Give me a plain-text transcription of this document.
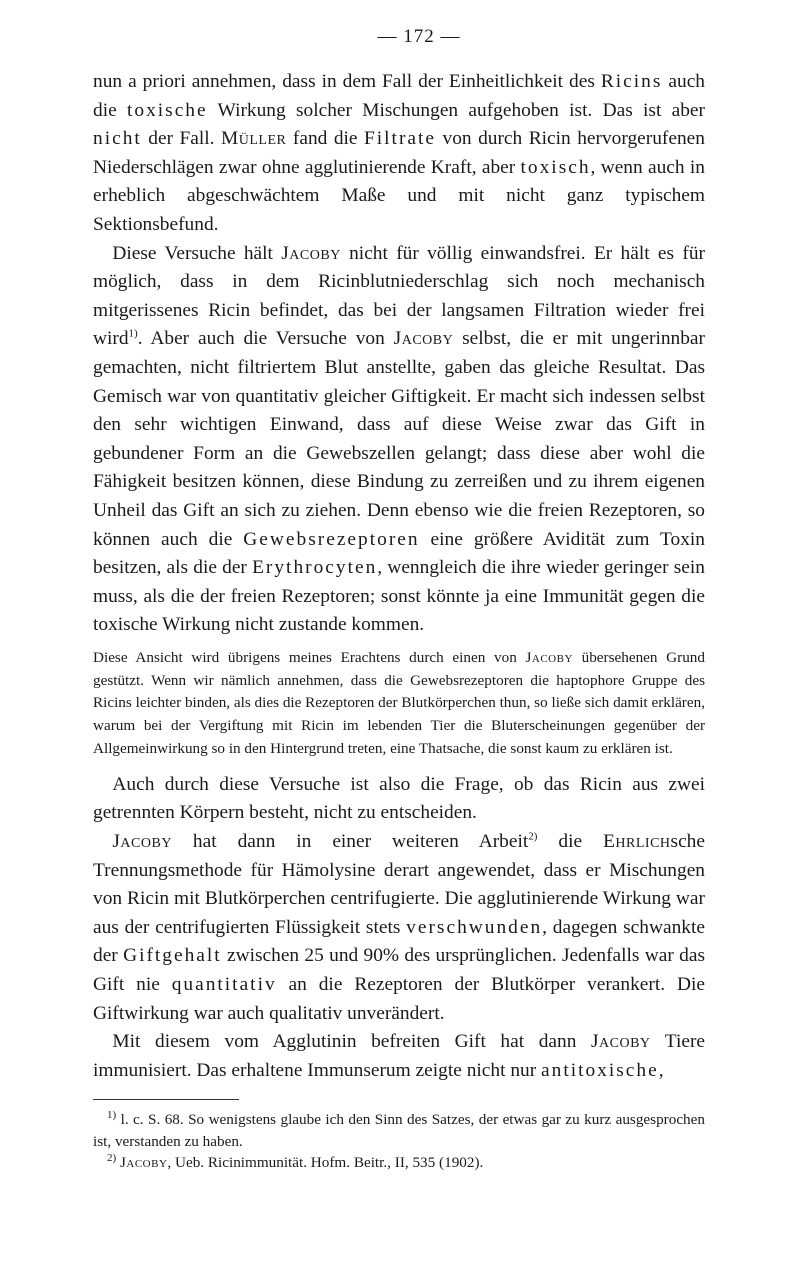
— 172 —

nun a priori annehmen, dass in dem Fall der Einheitlichkeit des Ricins auch die toxische Wirkung solcher Mischungen aufgehoben ist. Das ist aber nicht der Fall. Müller fand die Filtrate von durch Ricin hervorgerufenen Niederschlägen zwar ohne agglutinierende Kraft, aber toxisch, wenn auch in erheblich abgeschwächtem Maße und mit nicht ganz typischem Sektionsbefund.

 Diese Versuche hält Jacoby nicht für völlig einwandsfrei. Er hält es für möglich, dass in dem Ricinblutniederschlag sich noch mechanisch mitgerissenes Ricin befindet, das bei der langsamen Filtration wieder frei wird$^{1)}$. Aber auch die Versuche von Jacoby selbst, die er mit ungerinnbar gemachten, nicht filtriertem Blut anstellte, gaben das gleiche Resultat. Das Gemisch war von quantitativ gleicher Giftigkeit. Er macht sich indessen selbst den sehr wichtigen Einwand, dass auf diese Weise zwar das Gift in gebundener Form an die Gewebszellen gelangt; dass diese aber wohl die Fähigkeit besitzen können, diese Bindung zu zerreißen und zu ihrem eigenen Unheil das Gift an sich zu ziehen. Denn ebenso wie die freien Rezeptoren, so können auch die Gewebsrezeptoren eine größere Avidität zum Toxin besitzen, als die der Erythrocyten, wenngleich die ihre wieder geringer sein muss, als die der freien Rezeptoren; sonst könnte ja eine Immunität gegen die toxische Wirkung nicht zustande kommen.

Diese Ansicht wird übrigens meines Erachtens durch einen von Jacoby übersehenen Grund gestützt. Wenn wir nämlich annehmen, dass die Gewebsrezeptoren die haptophore Gruppe des Ricins leichter binden, als dies die Rezeptoren der Blutkörperchen thun, so ließe sich damit erklären, warum bei der Vergiftung mit Ricin im lebenden Tier die Bluterscheinungen gegenüber der Allgemeinwirkung so in den Hintergrund treten, eine Thatsache, die sonst kaum zu erklären ist.

 Auch durch diese Versuche ist also die Frage, ob das Ricin aus zwei getrennten Körpern besteht, nicht zu entscheiden.

 Jacoby hat dann in einer weiteren Arbeit$^{2)}$ die Ehrlichsche Trennungsmethode für Hämolysine derart angewendet, dass er Mischungen von Ricin mit Blutkörperchen centrifugierte. Die agglutinierende Wirkung war aus der centrifugierten Flüssigkeit stets verschwunden, dagegen schwankte der Giftgehalt zwischen 25 und 90% des ursprünglichen. Jedenfalls war das Gift nie quantitativ an die Rezeptoren der Blutkörper verankert. Die Giftwirkung war auch qualitativ unverändert.

 Mit diesem vom Agglutinin befreiten Gift hat dann Jacoby Tiere immunisiert. Das erhaltene Immunserum zeigte nicht nur antitoxische,

$^{1)}$ l. c. S. 68. So wenigstens glaube ich den Sinn des Satzes, der etwas gar zu kurz ausgesprochen ist, verstanden zu haben.

$^{2)}$ Jacoby, Ueb. Ricinimmunität. Hofm. Beitr., II, 535 (1902).
